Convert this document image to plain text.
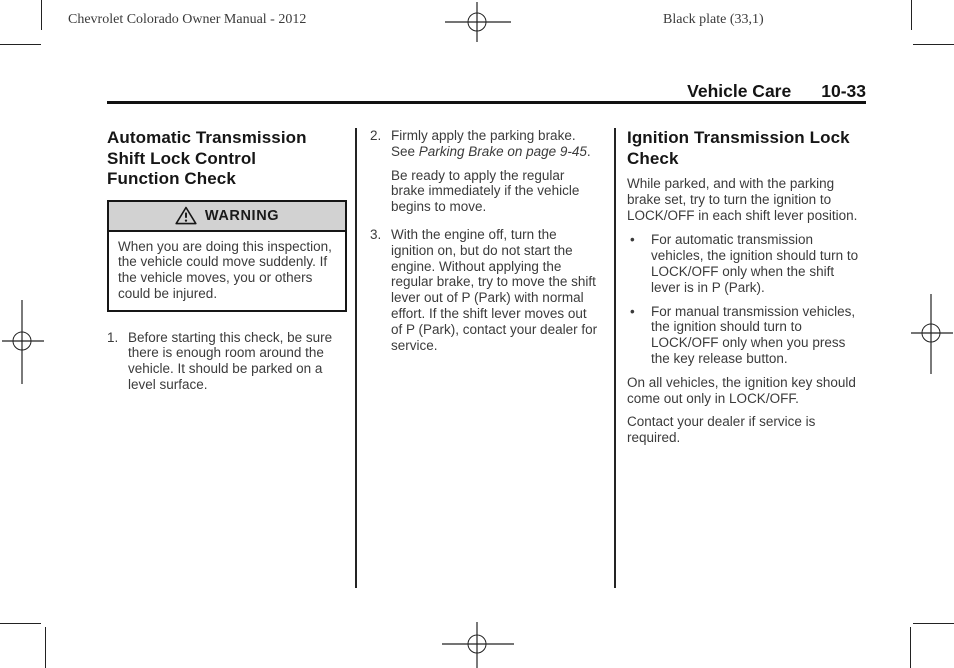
Chevrolet Colorado Owner Manual - 2012	Black plate (33,1)
Vehicle Care 10-33
Automatic Transmission Shift Lock Control Function Check
WARNING
When you are doing this inspection, the vehicle could move suddenly. If the vehicle moves, you or others could be injured.
1. Before starting this check, be sure there is enough room around the vehicle. It should be parked on a level surface.
2. Firmly apply the parking brake. See Parking Brake on page 9-45.
Be ready to apply the regular brake immediately if the vehicle begins to move.
3. With the engine off, turn the ignition on, but do not start the engine. Without applying the regular brake, try to move the shift lever out of P (Park) with normal effort. If the shift lever moves out of P (Park), contact your dealer for service.
Ignition Transmission Lock Check
While parked, and with the parking brake set, try to turn the ignition to LOCK/OFF in each shift lever position.
•	For automatic transmission vehicles, the ignition should turn to LOCK/OFF only when the shift lever is in P (Park).
•	For manual transmission vehicles, the ignition should turn to LOCK/OFF only when you press the key release button.
On all vehicles, the ignition key should come out only in LOCK/OFF.
Contact your dealer if service is required.
